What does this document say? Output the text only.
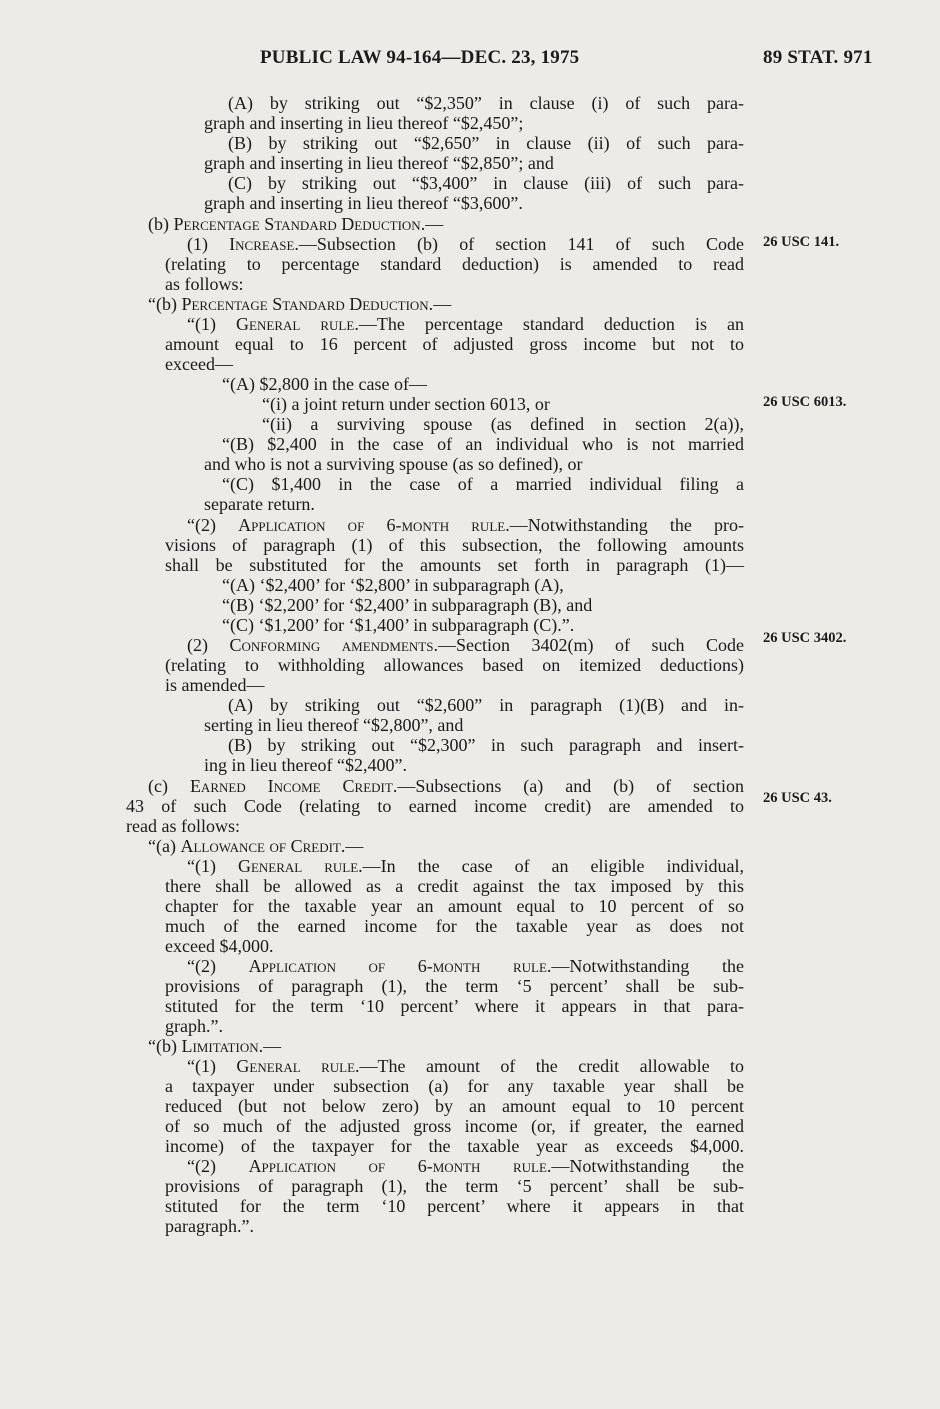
PUBLIC LAW 94-164—DEC. 23, 1975	89 STAT. 971
26 USC 141.
26 USC 6013.
26 USC 3402.
26 USC 43.
(A) by striking out “$2,350” in clause (i) of such para-
graph and inserting in lieu thereof “$2,450”;
(B) by striking out “$2,650” in clause (ii) of such para-
graph and inserting in lieu thereof “$2,850”; and
(C) by striking out “$3,400” in clause (iii) of such para-
graph and inserting in lieu thereof “$3,600”.
(b) Percentage Standard Deduction.—
(1) Increase.—Subsection (b) of section 141 of such Code
(relating to percentage standard deduction) is amended to read
as follows:
“(b) Percentage Standard Deduction.—
“(1) General rule.—The percentage standard deduction is an
amount equal to 16 percent of adjusted gross income but not to
exceed—
“(A) $2,800 in the case of—
“(i) a joint return under section 6013, or
“(ii) a surviving spouse (as defined in section 2(a)),
“(B) $2,400 in the case of an individual who is not married
and who is not a surviving spouse (as so defined), or
“(C) $1,400 in the case of a married individual filing a
separate return.
“(2) Application of 6-month rule.—Notwithstanding the pro-
visions of paragraph (1) of this subsection, the following amounts
shall be substituted for the amounts set forth in paragraph (1)—
“(A) ‘$2,400’ for ‘$2,800’ in subparagraph (A),
“(B) ‘$2,200’ for ‘$2,400’ in subparagraph (B), and
“(C) ‘$1,200’ for ‘$1,400’ in subparagraph (C).”.
(2) Conforming amendments.—Section 3402(m) of such Code
(relating to withholding allowances based on itemized deductions)
is amended—
(A) by striking out “$2,600” in paragraph (1)(B) and in-
serting in lieu thereof “$2,800”, and
(B) by striking out “$2,300” in such paragraph and insert-
ing in lieu thereof “$2,400”.
(c) Earned Income Credit.—Subsections (a) and (b) of section
43 of such Code (relating to earned income credit) are amended to
read as follows:
“(a) Allowance of Credit.—
“(1) General rule.—In the case of an eligible individual,
there shall be allowed as a credit against the tax imposed by this
chapter for the taxable year an amount equal to 10 percent of so
much of the earned income for the taxable year as does not
exceed $4,000.
“(2) Application of 6-month rule.—Notwithstanding the
provisions of paragraph (1), the term ‘5 percent’ shall be sub-
stituted for the term ‘10 percent’ where it appears in that para-
graph.”.
“(b) Limitation.—
“(1) General rule.—The amount of the credit allowable to
a taxpayer under subsection (a) for any taxable year shall be
reduced (but not below zero) by an amount equal to 10 percent
of so much of the adjusted gross income (or, if greater, the earned
income) of the taxpayer for the taxable year as exceeds $4,000.
“(2) Application of 6-month rule.—Notwithstanding the
provisions of paragraph (1), the term ‘5 percent’ shall be sub-
stituted for the term ‘10 percent’ where it appears in that
paragraph.”.
